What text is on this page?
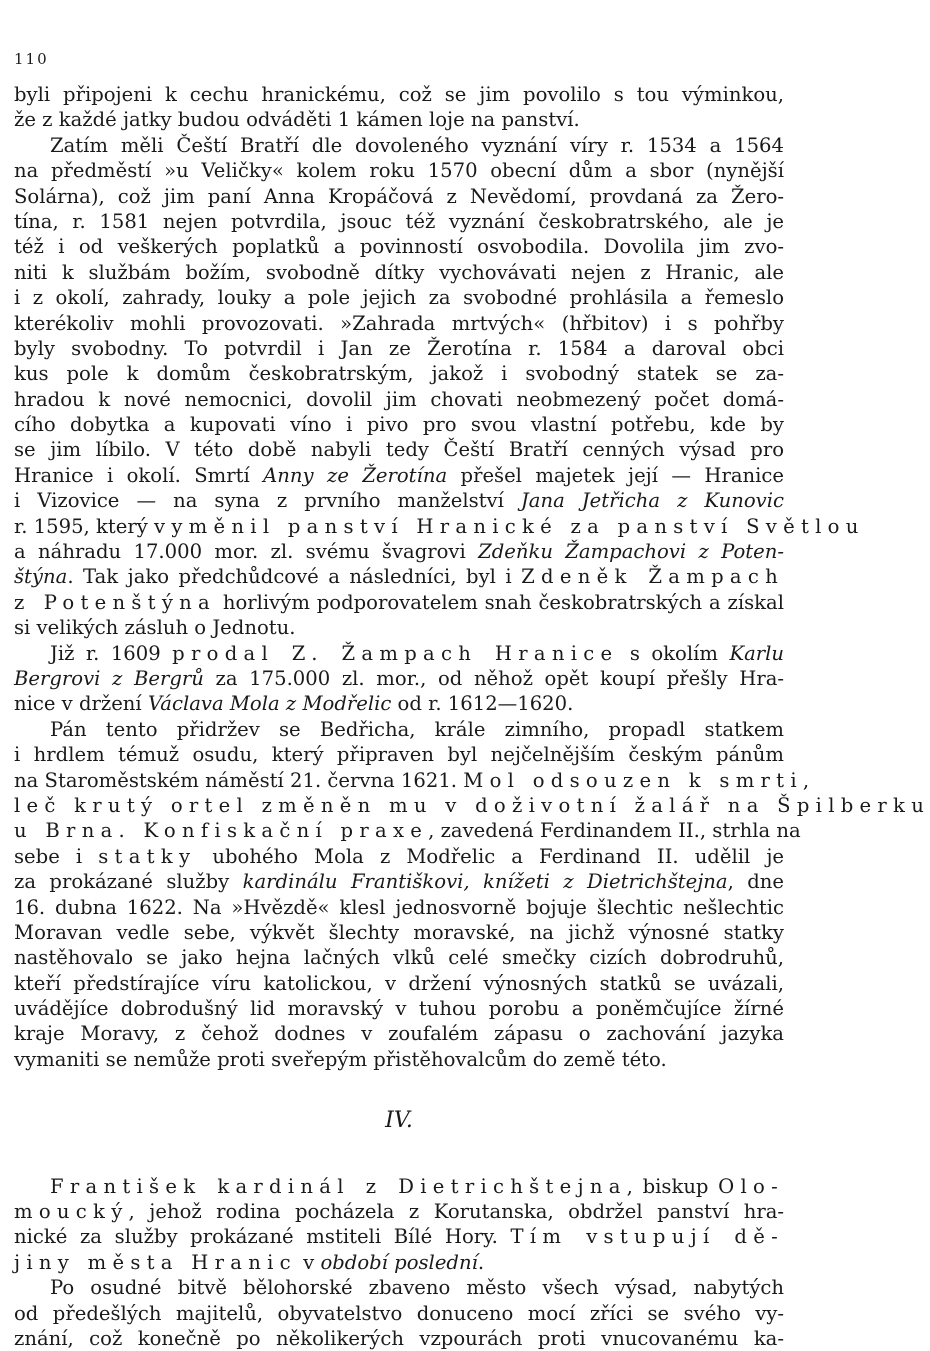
110
byli připojeni k cechu hranickému, což se jim povolilo s tou výminkou,
že z každé jatky budou odváděti 1 kámen loje na panství.
Zatím měli Čeští Bratří dle dovoleného vyznání víry r. 1534 a 1564
na předměstí »u Veličky« kolem roku 1570 obecní dům a sbor (nynější
Solárna), což jim paní Anna Kropáčová z Nevědomí, provdaná za Žero-
tína, r. 1581 nejen potvrdila, jsouc též vyznání českobratrského, ale je
též i od veškerých poplatků a povinností osvobodila. Dovolila jim zvo-
niti k službám božím, svobodně dítky vychovávati nejen z Hranic, ale
i z okolí, zahrady, louky a pole jejich za svobodné prohlásila a řemeslo
kterékoliv mohli provozovati. »Zahrada mrtvých« (hřbitov) i s pohřby
byly svobodny. To potvrdil i Jan ze Žerotína r. 1584 a daroval obci
kus pole k domům českobratrským, jakož i svobodný statek se za-
hradou k nové nemocnici, dovolil jim chovati neobmezený počet domá-
cího dobytka a kupovati víno i pivo pro svou vlastní potřebu, kde by
se jim líbilo. V této době nabyli tedy Čeští Bratří cenných výsad pro
Hranice i okolí. Smrtí Anny ze Žerotína přešel majetek její — Hranice
i Vizovice — na syna z prvního manželství Jana Jetřicha z Kunovic
r. 1595, který vyměnil panství Hranické za panství Světlou
a náhradu 17.000 mor. zl. svému švagrovi Zdeňku Žampachovi z Poten-
štýna. Tak jako předchůdcové a následníci, byl i Zdeněk Žampach
z Potenštýna horlivým podporovatelem snah českobratrských a získal
si velikých zásluh o Jednotu.
Již r. 1609 prodal Z. Žampach Hranice s okolím Karlu
Bergrovi z Bergrů za 175.000 zl. mor., od něhož opět koupí přešly Hra-
nice v držení Václava Mola z Modřelic od r. 1612—1620.
Pán tento přidržev se Bedřicha, krále zimního, propadl statkem
i hrdlem témuž osudu, který připraven byl nejčelnějším českým pánům
na Staroměstském náměstí 21. června 1621. Mol odsouzen k smrti,
leč krutý ortel změněn mu v doživotní žalář na Špilberku
u Brna. Konfiskační praxe, zavedená Ferdinandem II., strhla na
sebe i statky ubohého Mola z Modřelic a Ferdinand II. udělil je
za prokázané služby kardinálu Františkovi, knížeti z Dietrichštejna, dne
16. dubna 1622. Na »Hvězdě« klesl jednosvorně bojuje šlechtic nešlechtic
Moravan vedle sebe, výkvět šlechty moravské, na jichž výnosné statky
nastěhovalo se jako hejna lačných vlků celé smečky cizích dobrodruhů,
kteří předstírajíce víru katolickou, v držení výnosných statků se uvázali,
uvádějíce dobrodušný lid moravský v tuhou porobu a poněmčujíce žírné
kraje Moravy, z čehož dodnes v zoufalém zápasu o zachování jazyka
vymaniti se nemůže proti sveřepým přistěhovalcům do země této.
IV.
František kardinál z Dietrichštejna, biskup Olo-
moucký, jehož rodina pocházela z Korutanska, obdržel panství hra-
nické za služby prokázané mstiteli Bílé Hory. Tím vstupují dě-
jiny města Hranic v období poslední.
Po osudné bitvě bělohorské zbaveno město všech výsad, nabytých
od předešlých majitelů, obyvatelstvo donuceno mocí zříci se svého vy-
znání, což konečně po několikerých vzpourách proti vnucovanému ka-
